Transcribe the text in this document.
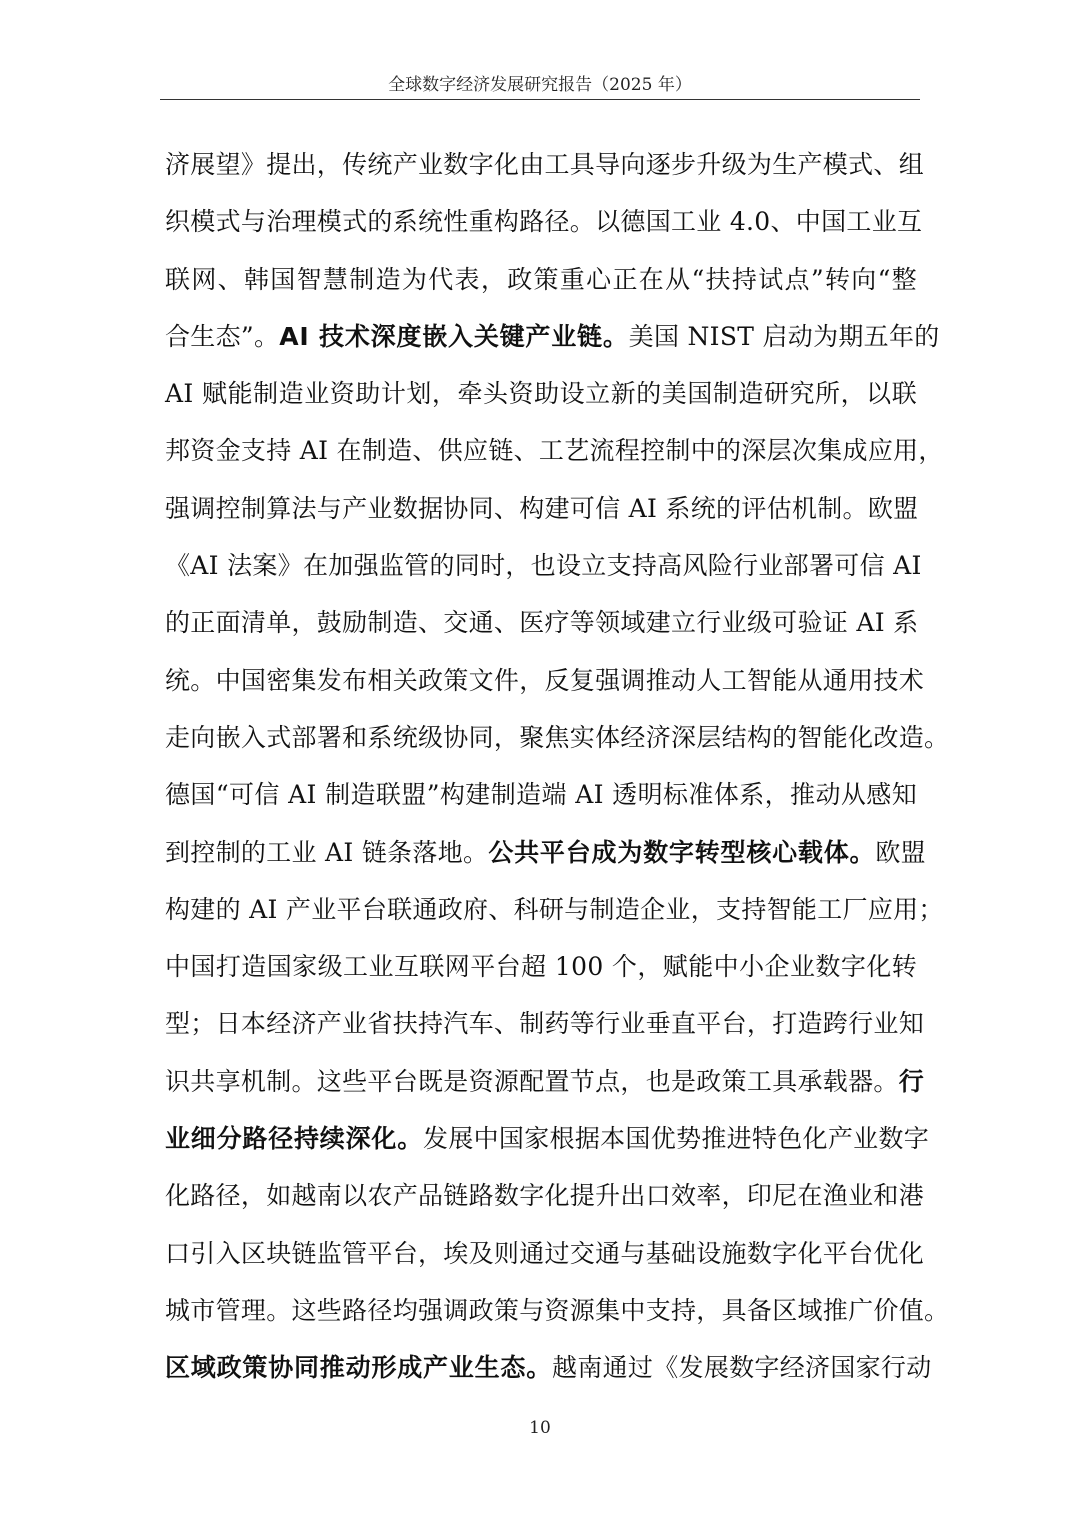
全球数字经济发展研究报告（2025 年）
济展望》提出，传统产业数字化由工具导向逐步升级为生产模式、组
织模式与治理模式的系统性重构路径。以德国工业 4.0、中国工业互
联网、韩国智慧制造为代表，政策重心正在从“扶持试点”转向“整
合生态”。AI 技术深度嵌入关键产业链。美国 NIST 启动为期五年的
AI 赋能制造业资助计划，牵头资助设立新的美国制造研究所，以联
邦资金支持 AI 在制造、供应链、工艺流程控制中的深层次集成应用，
强调控制算法与产业数据协同、构建可信 AI 系统的评估机制。欧盟
《AI 法案》在加强监管的同时，也设立支持高风险行业部署可信 AI
的正面清单，鼓励制造、交通、医疗等领域建立行业级可验证 AI 系
统。中国密集发布相关政策文件，反复强调推动人工智能从通用技术
走向嵌入式部署和系统级协同，聚焦实体经济深层结构的智能化改造。
德国“可信 AI 制造联盟”构建制造端 AI 透明标准体系，推动从感知
到控制的工业 AI 链条落地。公共平台成为数字转型核心载体。欧盟
构建的 AI 产业平台联通政府、科研与制造企业，支持智能工厂应用；
中国打造国家级工业互联网平台超 100 个，赋能中小企业数字化转
型；日本经济产业省扶持汽车、制药等行业垂直平台，打造跨行业知
识共享机制。这些平台既是资源配置节点，也是政策工具承载器。行
业细分路径持续深化。发展中国家根据本国优势推进特色化产业数字
化路径，如越南以农产品链路数字化提升出口效率，印尼在渔业和港
口引入区块链监管平台，埃及则通过交通与基础设施数字化平台优化
城市管理。这些路径均强调政策与资源集中支持，具备区域推广价值。
区域政策协同推动形成产业生态。越南通过《发展数字经济国家行动
10
